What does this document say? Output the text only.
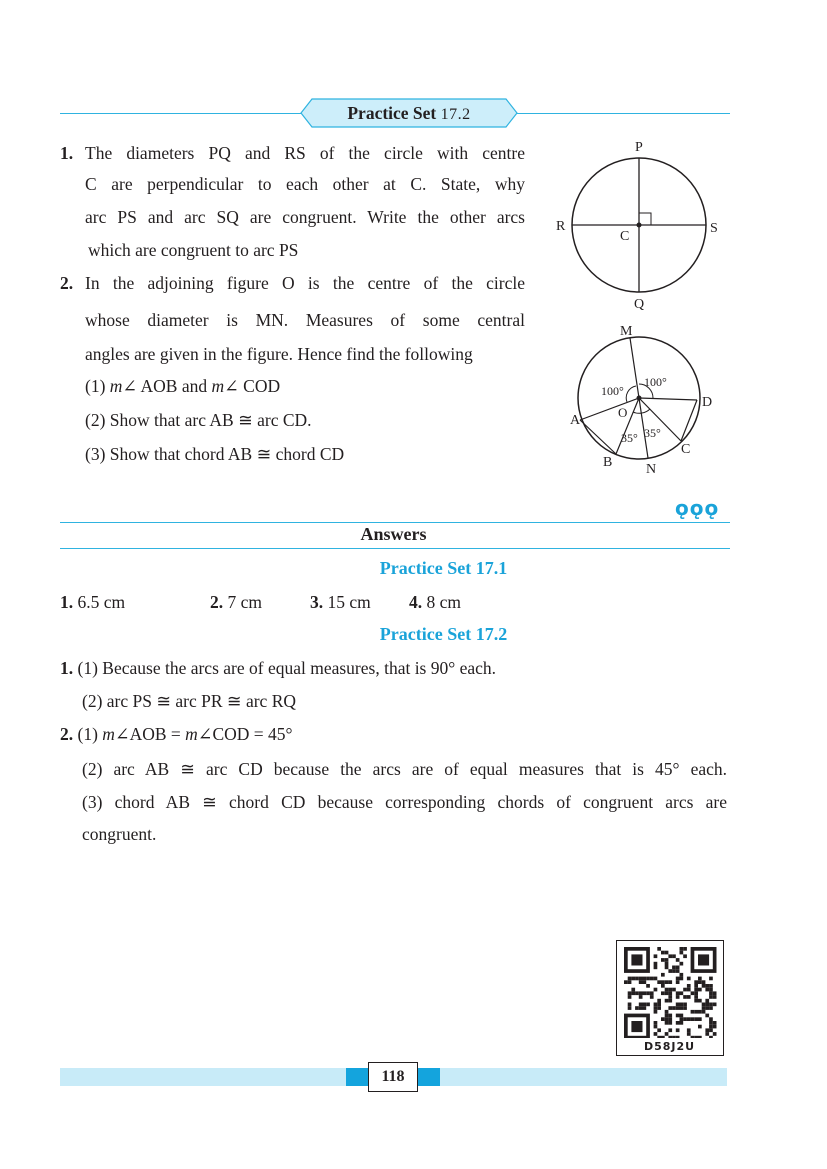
Practice Set 17.2
1. The diameters PQ and RS of the circle with centre
C are perpendicular to each other at C. State, why
arc PS and arc SQ are congruent. Write the other arcs
which are congruent to arc PS
2. In the adjoining figure O is the centre of the circle
whose diameter is MN. Measures of some central
angles are given in the figure. Hence find the following
(1) m∠ AOB and m∠ COD
(2) Show that arc AB ≅ arc CD.
(3) Show that chord AB ≅ chord CD
P
Q
R	S
C
M
N
A
B
C
D
O
100°
100°
35° 35°
ǫǫǫ
Answers
Practice Set 17.1
1. 6.5 cm	2. 7 cm	3. 15 cm 4. 8 cm
Practice Set 17.2
1. (1) Because the arcs are of equal measures, that is 90° each.
(2) arc PS ≅ arc PR ≅ arc RQ
2. (1) m∠AOB = m∠COD = 45°
(2) arc AB ≅ arc CD because the arcs are of equal measures that is 45° each.
(3) chord AB ≅ chord CD because corresponding chords of congruent arcs are
congruent.
D58J2U
118
